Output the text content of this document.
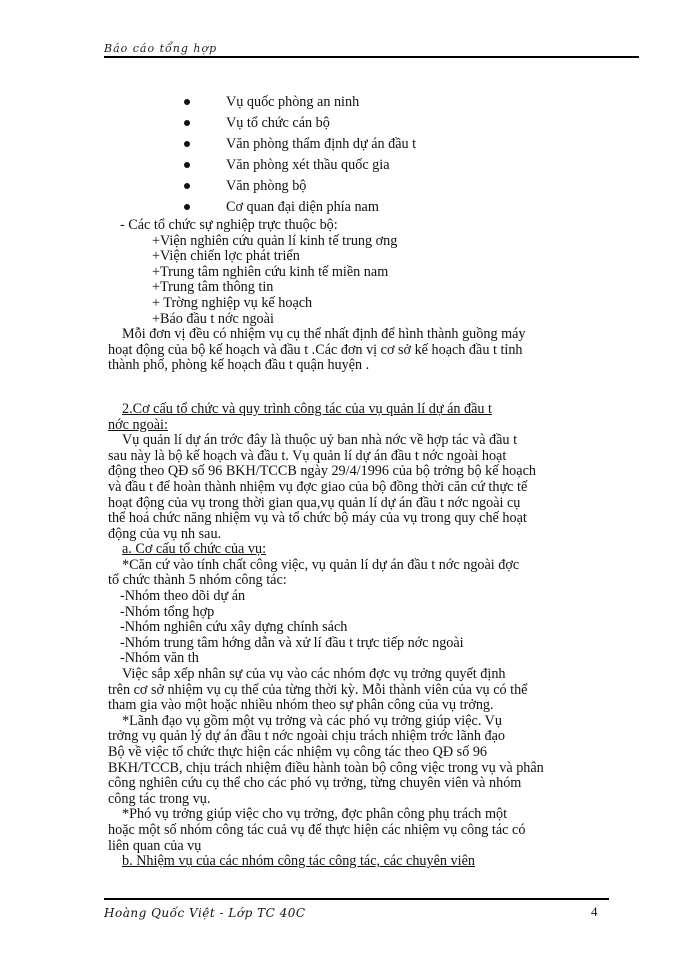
Báo cáo tổng hợp
Vụ quốc phòng an ninh
Vụ tổ chức cán bộ
Văn phòng thẩm định dự án đầu t
Văn phòng xét thầu quốc gia
Văn phòng bộ
Cơ quan đại diện phía nam
- Các tổ chức sự nghiệp trực thuộc bộ:
+Viện nghiên cứu quản lí kinh tế trung ơng
+Viện chiến lợc phát triển
+Trung tâm nghiên cứu kinh tế miền nam
+Trung tâm thông tin
+ Trờng nghiệp vụ kế hoạch
+Báo đầu t nớc ngoài
Mỗi đơn vị đều có nhiệm vụ cụ thể nhất định để hình thành guồng máy
hoạt động của bộ kế hoạch và đầu t .Các đơn vị cơ sở kế hoạch đầu t tỉnh
thành phố, phòng kế hoạch đầu t quận huyện .
2.Cơ cấu tổ chức và quy trình công tác của vụ quản lí dự án đầu t
nớc ngoài:
Vụ quản lí dự án trớc đây là thuộc uỷ ban nhà nớc về hợp tác và đầu t
sau này là bộ kế hoạch và đầu t. Vụ quản lí dự án đầu t nớc ngoài hoạt
động theo QĐ số 96 BKH/TCCB ngày 29/4/1996 của bộ trởng bộ kế hoạch
và đầu t để hoàn thành nhiệm vụ đợc giao của bộ đồng thời căn cứ thực tế
hoạt động của vụ trong thời gian qua,vụ quản lí dự án đầu t nớc ngoài cụ
thể hoá chức năng nhiệm vụ và tổ chức bộ máy của vụ trong quy chế hoạt
động của vụ nh sau.
a. Cơ cấu tổ chức của vụ:
*Căn cứ vào tính chất công việc, vụ quản lí dự án đầu t nớc ngoài đợc
tổ chức thành 5 nhóm công tác:
-Nhóm theo dõi dự án
-Nhóm tổng hợp
-Nhóm nghiên cứu xây dựng chính sách
-Nhóm trung tâm hớng dẫn và xử lí đầu t trực tiếp nớc ngoài
-Nhóm văn th
Việc sắp xếp nhân sự của vụ vào các nhóm đợc vụ trởng quyết định
trên cơ sở nhiệm vụ cụ thể của từng thời kỳ. Mỗi thành viên của vụ có thể
tham gia vào một hoặc nhiều nhóm theo sự phân công của vụ trởng.
*Lãnh đạo vụ gồm một vụ trởng và các phó vụ trởng giúp việc. Vụ
trởng vụ quản lý dự án đầu t nớc ngoài chịu trách nhiệm trớc lãnh đạo
Bộ về việc tổ chức thực hiện các nhiệm vụ công tác theo QĐ số 96
BKH/TCCB, chịu trách nhiệm điều hành toàn bộ công việc trong vụ và phân
công nghiên cứu cụ thể cho các phó vụ trởng, từng chuyên viên và nhóm
công tác trong vụ.
*Phó vụ trởng giúp việc cho vụ trởng, đợc phân công phụ trách một
hoặc một số nhóm công tác cuả vụ để thực hiện các nhiệm vụ công tác có
liên quan của vụ
b. Nhiệm vụ của các nhóm công tác công tác, các chuyên viên
Hoàng Quốc Việt - Lớp TC 40C	4
